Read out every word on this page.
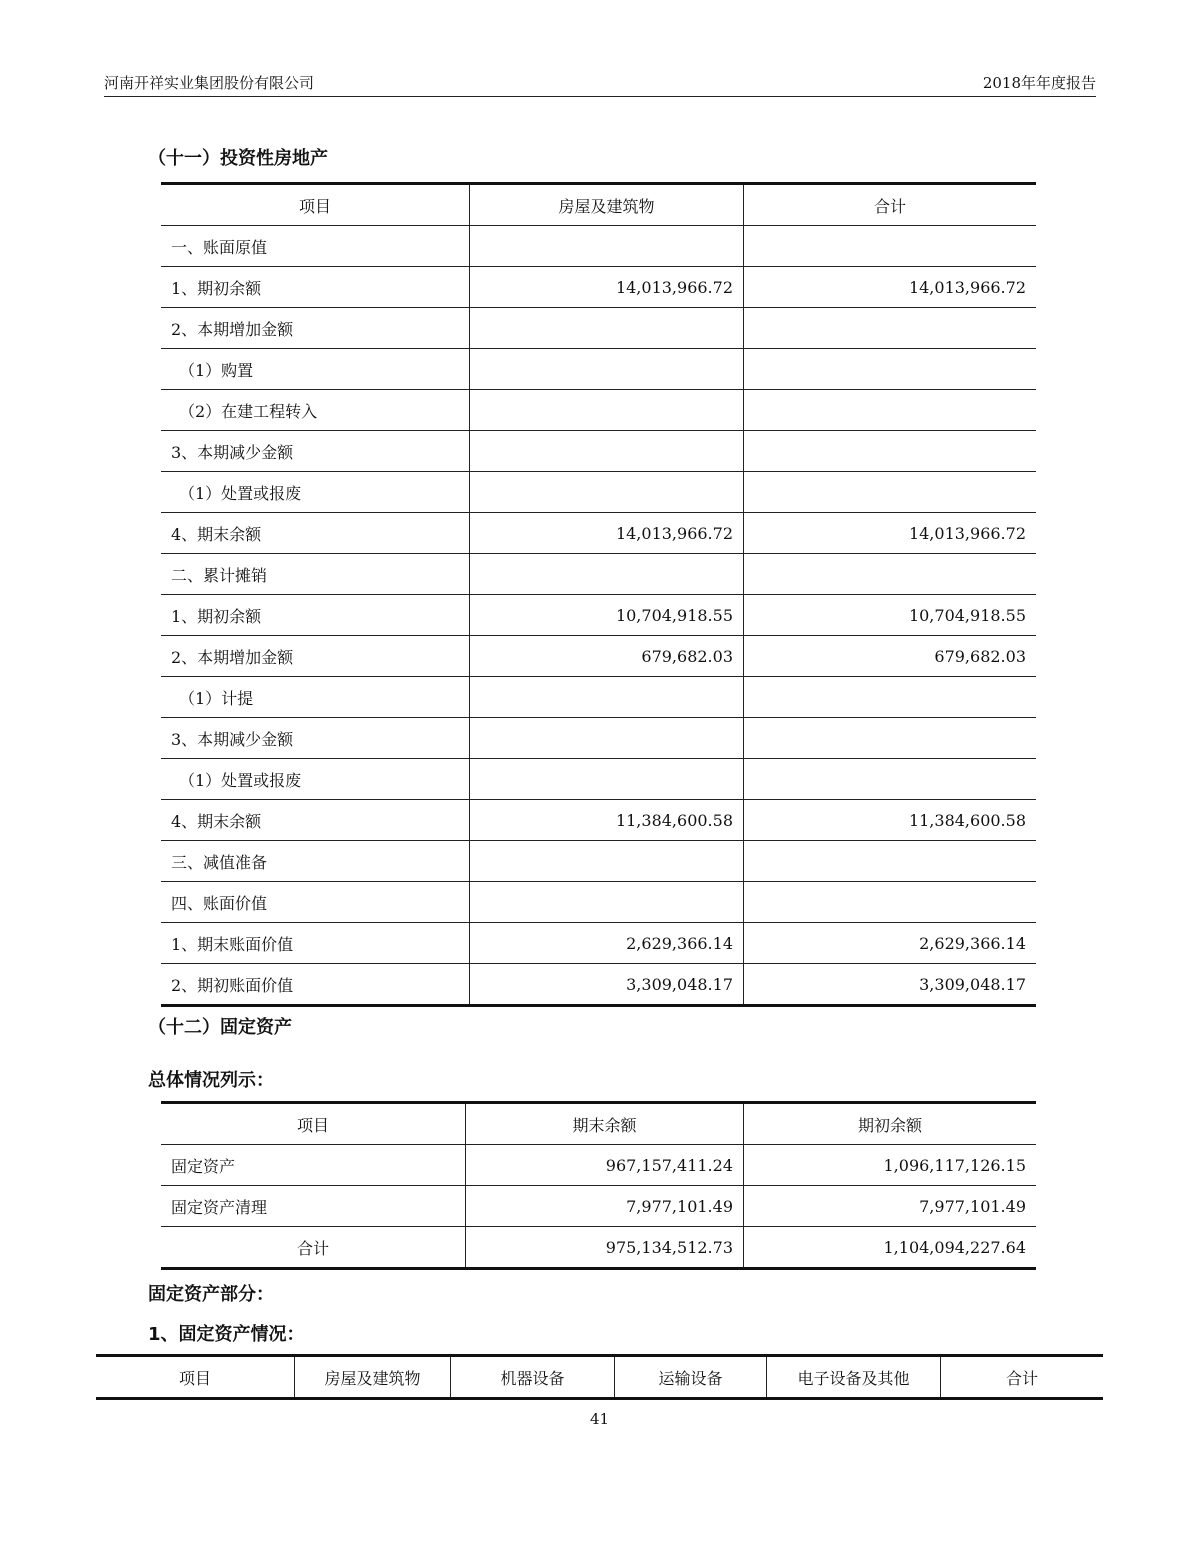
河南开祥实业集团股份有限公司	2018年年度报告
（十一）投资性房地产
项目	房屋及建筑物	合计
一、账面原值		
1、期初余额	14,013,966.72	14,013,966.72
2、本期增加金额		
（1）购置		
（2）在建工程转入		
3、本期减少金额		
（1）处置或报废		
4、期末余额	14,013,966.72	14,013,966.72
二、累计摊销		
1、期初余额	10,704,918.55	10,704,918.55
2、本期增加金额	679,682.03	679,682.03
（1）计提		
3、本期减少金额		
（1）处置或报废		
4、期末余额	11,384,600.58	11,384,600.58
三、减值准备		
四、账面价值		
1、期末账面价值	2,629,366.14	2,629,366.14
2、期初账面价值	3,309,048.17	3,309,048.17
（十二）固定资产
总体情况列示：
项目	期末余额	期初余额
固定资产	967,157,411.24	1,096,117,126.15
固定资产清理	7,977,101.49	7,977,101.49
合计	975,134,512.73	1,104,094,227.64
固定资产部分：
1、固定资产情况：
项目	房屋及建筑物	机器设备	运输设备	电子设备及其他	合计
41
